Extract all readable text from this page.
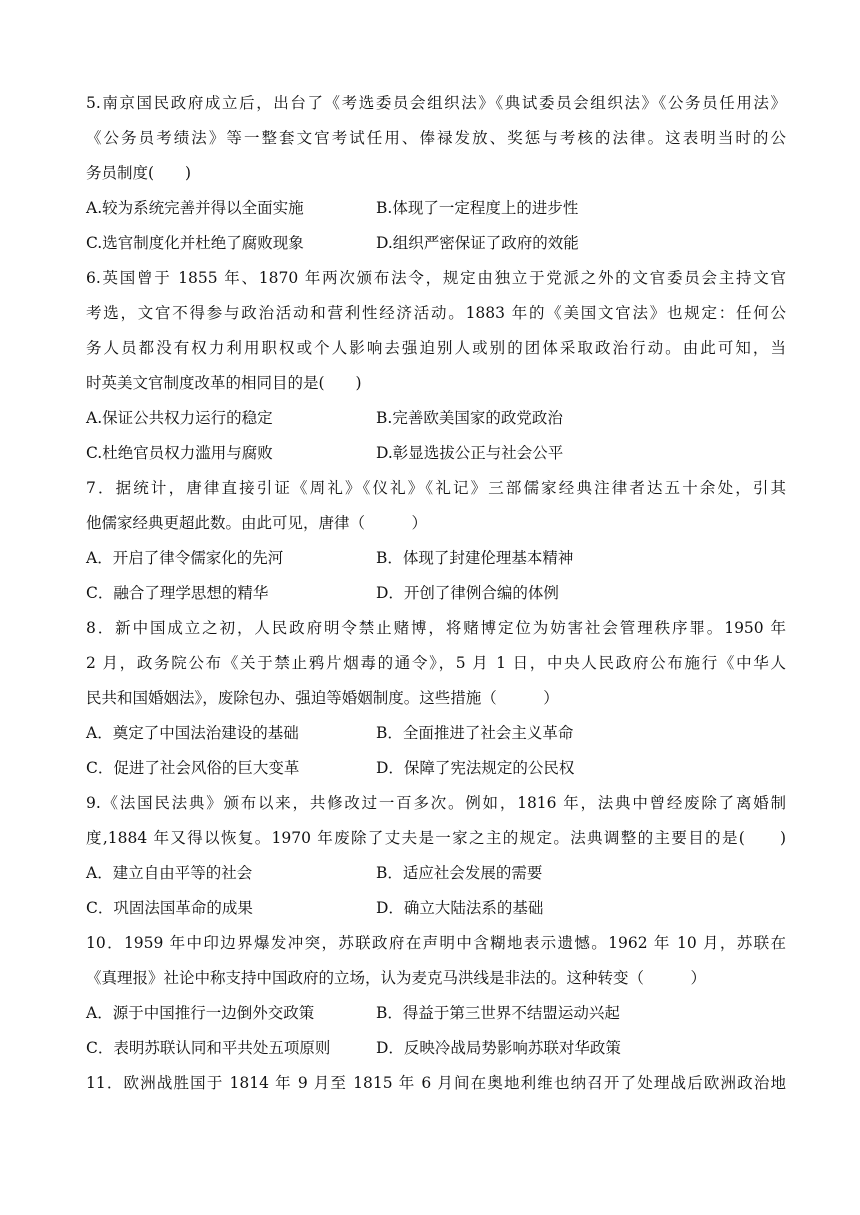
5.南京国民政府成立后，出台了《考选委员会组织法》《典试委员会组织法》《公务员任用法》
《公务员考绩法》等一整套文官考试任用、俸禄发放、奖惩与考核的法律。这表明当时的公
务员制度(　　)
A.较为系统完善并得以全面实施	B.体现了一定程度上的进步性
C.选官制度化并杜绝了腐败现象	D.组织严密保证了政府的效能
6.英国曾于 1855 年、1870 年两次颁布法令，规定由独立于党派之外的文官委员会主持文官
考选，文官不得参与政治活动和营利性经济活动。1883 年的《美国文官法》也规定：任何公
务人员都没有权力利用职权或个人影响去强迫别人或别的团体采取政治行动。由此可知，当
时英美文官制度改革的相同目的是(　　)
A.保证公共权力运行的稳定	B.完善欧美国家的政党政治
C.杜绝官员权力滥用与腐败	D.彰显选拔公正与社会公平
7．据统计，唐律直接引证《周礼》《仪礼》《礼记》三部儒家经典注律者达五十余处，引其
他儒家经典更超此数。由此可见，唐律（　　　）
A．开启了律令儒家化的先河	B．体现了封建伦理基本精神
C．融合了理学思想的精华	D．开创了律例合编的体例
8．新中国成立之初，人民政府明令禁止赌博，将赌博定位为妨害社会管理秩序罪。1950 年
2 月，政务院公布《关于禁止鸦片烟毒的通令》，5 月 1 日，中央人民政府公布施行《中华人
民共和国婚姻法》，废除包办、强迫等婚姻制度。这些措施（　　　）
A．奠定了中国法治建设的基础	B．全面推进了社会主义革命
C．促进了社会风俗的巨大变革	D．保障了宪法规定的公民权
9.《法国民法典》颁布以来，共修改过一百多次。例如，1816 年，法典中曾经废除了离婚制
度,1884 年又得以恢复。1970 年废除了丈夫是一家之主的规定。法典调整的主要目的是(　　)
A．建立自由平等的社会	B．适应社会发展的需要
C．巩固法国革命的成果	D．确立大陆法系的基础
10．1959 年中印边界爆发冲突，苏联政府在声明中含糊地表示遗憾。1962 年 10 月，苏联在
《真理报》社论中称支持中国政府的立场，认为麦克马洪线是非法的。这种转变（　　　）
A．源于中国推行一边倒外交政策	B．得益于第三世界不结盟运动兴起
C．表明苏联认同和平共处五项原则	D．反映冷战局势影响苏联对华政策
11．欧洲战胜国于 1814 年 9 月至 1815 年 6 月间在奥地利维也纳召开了处理战后欧洲政治地
